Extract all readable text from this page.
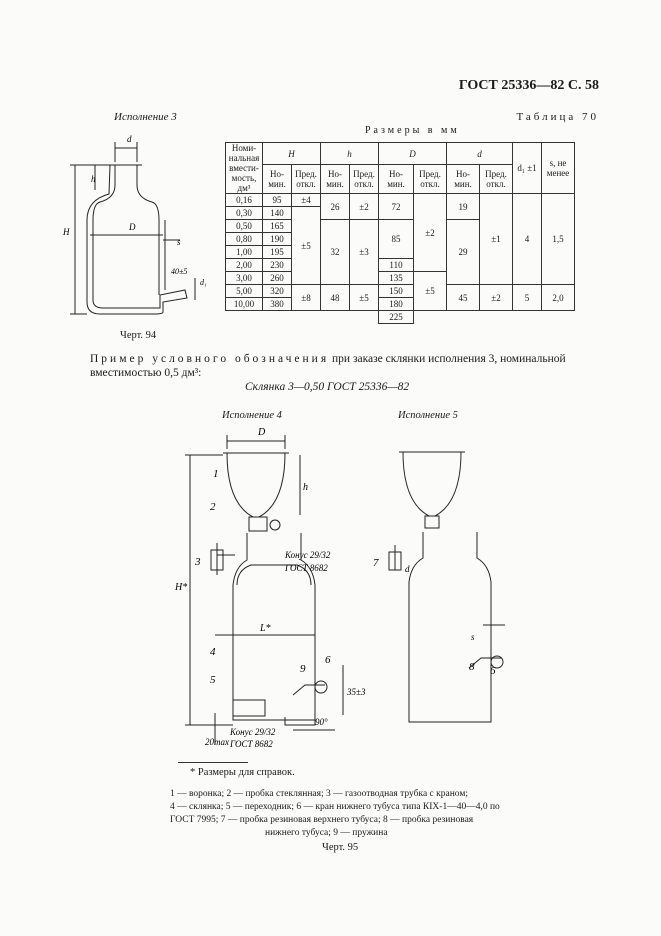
ГОСТ 25336—82 С. 58
Исполнение 3
d
h
D
H
s
40±5
d₁
Черт. 94
Таблица 70
Размеры в мм
Номи-нальная вмести-мость, дм³	H		h		D		d		d₁ ±1	s, не менее
	Но-мин.	Пред. откл.	Но-мин.	Пред. откл.	Но-мин.	Пред. откл.	Но-мин.	Пред. откл.		
0,16	95	±4	26	±2	72	±2	19	±1	4	1,5
0,30	140	±5								
0,50	165		32	±3	85		29			
0,80	190									
1,00	195									
2,00	230				110					
3,00	260				135	±5				
5,00	320	±8	48	±5	150		45	±2	5	2,0
10,00	380				180					
					225					
Пример условного обозначения при заказе склянки исполнения 3, номинальной вместимостью 0,5 дм³:
Склянка 3—0,50 ГОСТ 25336—82
Исполнение 4	Исполнение 5
D
h
H*
L*
Конус 29/32
ГОСТ 8682
Конус 29/32
ГОСТ 8682
35±3
20max
90°
1
2
3
4
5
9
6
d
s
7
8 6
* Размеры для справок.
1 — воронка; 2 — пробка стеклянная; 3 — газоотводная трубка с краном;
4 — склянка; 5 — переходник; 6 — кран нижнего тубуса типа КIХ-1—40—4,0 по
ГОСТ 7995; 7 — пробка резиновая верхнего тубуса; 8 — пробка резиновая
нижнего тубуса; 9 — пружина
Черт. 95
